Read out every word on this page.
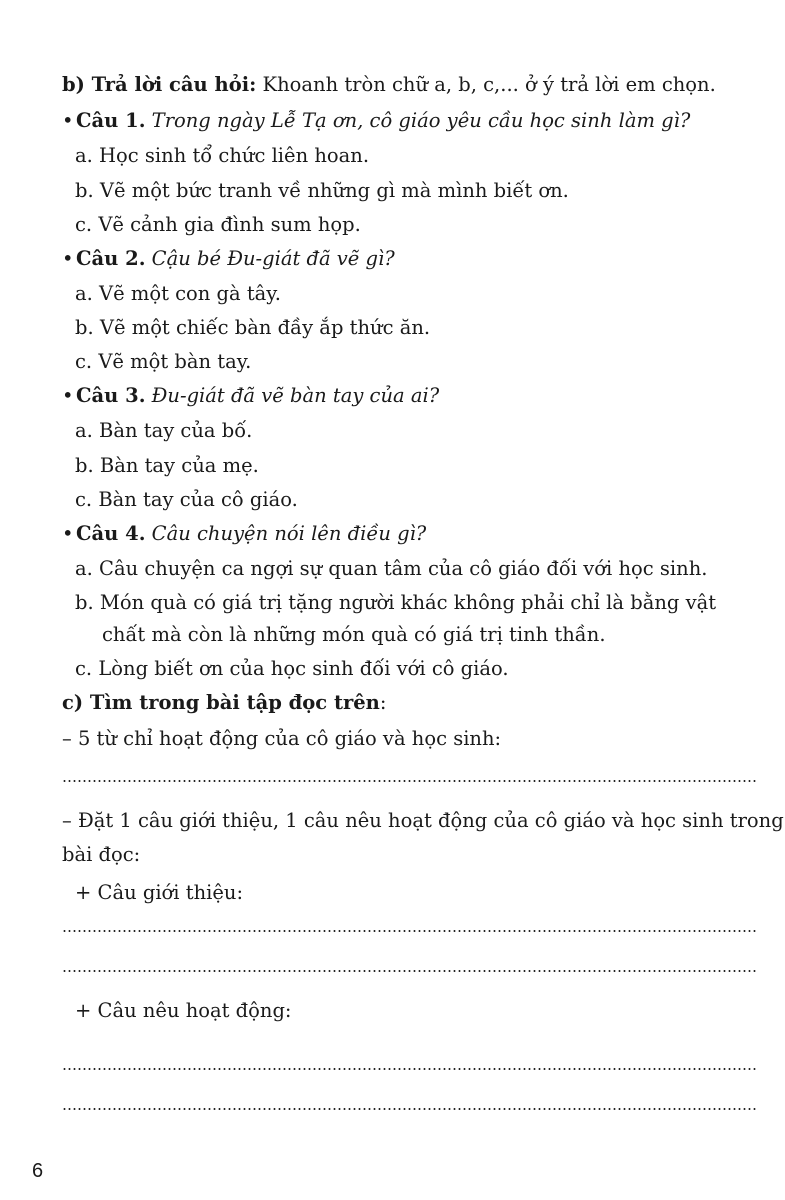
b) Trả lời câu hỏi: Khoanh tròn chữ a, b, c,... ở ý trả lời em chọn.
• Câu 1. Trong ngày Lễ Tạ ơn, cô giáo yêu cầu học sinh làm gì?
a. Học sinh tổ chức liên hoan.
b. Vẽ một bức tranh về những gì mà mình biết ơn.
c. Vẽ cảnh gia đình sum họp.
• Câu 2. Cậu bé Đu-giát đã vẽ gì?
a. Vẽ một con gà tây.
b. Vẽ một chiếc bàn đầy ắp thức ăn.
c. Vẽ một bàn tay.
• Câu 3. Đu-giát đã vẽ bàn tay của ai?
a. Bàn tay của bố.
b. Bàn tay của mẹ.
c. Bàn tay của cô giáo.
• Câu 4. Câu chuyện nói lên điều gì?
a. Câu chuyện ca ngợi sự quan tâm của cô giáo đối với học sinh.
b. Món quà có giá trị tặng người khác không phải chỉ là bằng vật
chất mà còn là những món quà có giá trị tinh thần.
c. Lòng biết ơn của học sinh đối với cô giáo.
c) Tìm trong bài tập đọc trên:
– 5 từ chỉ hoạt động của cô giáo và học sinh:
– Đặt 1 câu giới thiệu, 1 câu nêu hoạt động của cô giáo và học sinh trong
bài đọc:
+ Câu giới thiệu:
+ Câu nêu hoạt động:
6
